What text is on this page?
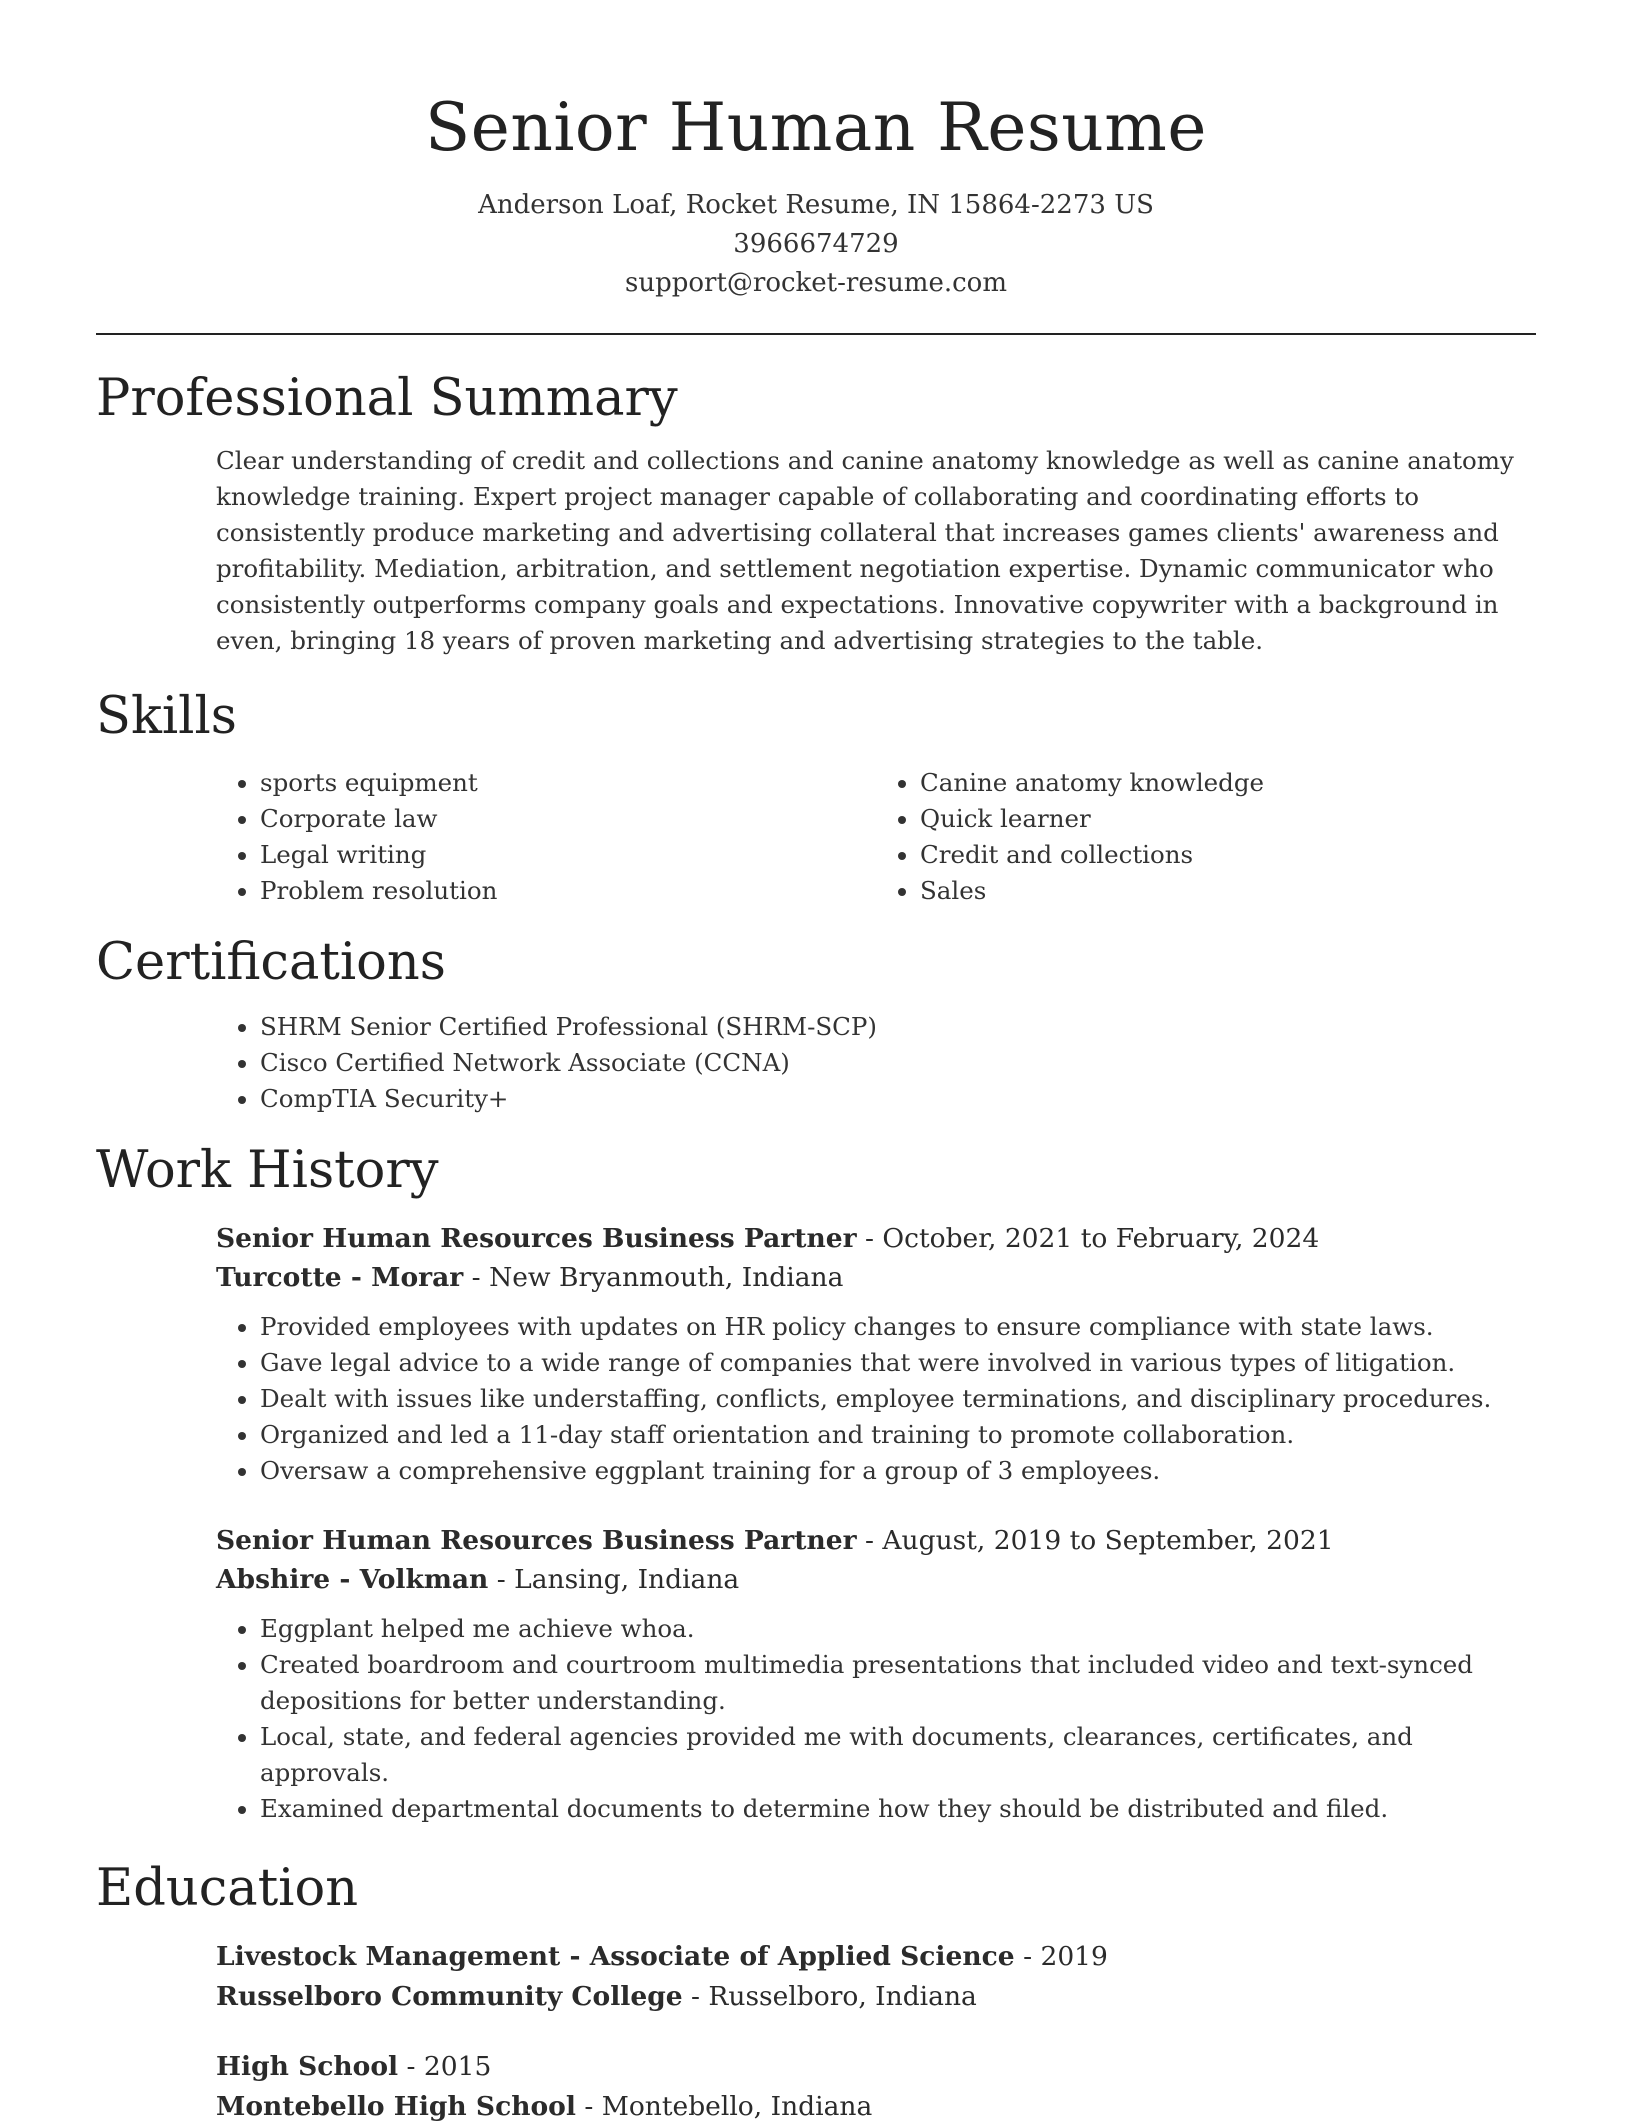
Senior Human Resume
Anderson Loaf, Rocket Resume, IN 15864-2273 US
3966674729
support@rocket-resume.com
Professional Summary

Clear understanding of credit and collections and canine anatomy knowledge as well as canine anatomy knowledge training. Expert project manager capable of collaborating and coordinating efforts to consistently produce marketing and advertising collateral that increases games clients' awareness and profitability. Mediation, arbitration, and settlement negotiation expertise. Dynamic communicator who consistently outperforms company goals and expectations. Innovative copywriter with a background in even, bringing 18 years of proven marketing and advertising strategies to the table.

Skills
• sports equipment
• Corporate law
• Legal writing
• Problem resolution
• Canine anatomy knowledge
• Quick learner
• Credit and collections
• Sales
Certifications
• SHRM Senior Certified Professional (SHRM-SCP)
• Cisco Certified Network Associate (CCNA)
• CompTIA Security+
Work History
Senior Human Resources Business Partner - October, 2021 to February, 2024
Turcotte - Morar - New Bryanmouth, Indiana
• Provided employees with updates on HR policy changes to ensure compliance with state laws.
• Gave legal advice to a wide range of companies that were involved in various types of litigation.
• Dealt with issues like understaffing, conflicts, employee terminations, and disciplinary procedures.
• Organized and led a 11-day staff orientation and training to promote collaboration.
• Oversaw a comprehensive eggplant training for a group of 3 employees.
Senior Human Resources Business Partner - August, 2019 to September, 2021
Abshire - Volkman - Lansing, Indiana
• Eggplant helped me achieve whoa.
• Created boardroom and courtroom multimedia presentations that included video and text-synced depositions for better understanding.
• Local, state, and federal agencies provided me with documents, clearances, certificates, and approvals.
• Examined departmental documents to determine how they should be distributed and filed.
Education
Livestock Management - Associate of Applied Science - 2019
Russelboro Community College - Russelboro, Indiana
High School - 2015
Montebello High School - Montebello, Indiana
